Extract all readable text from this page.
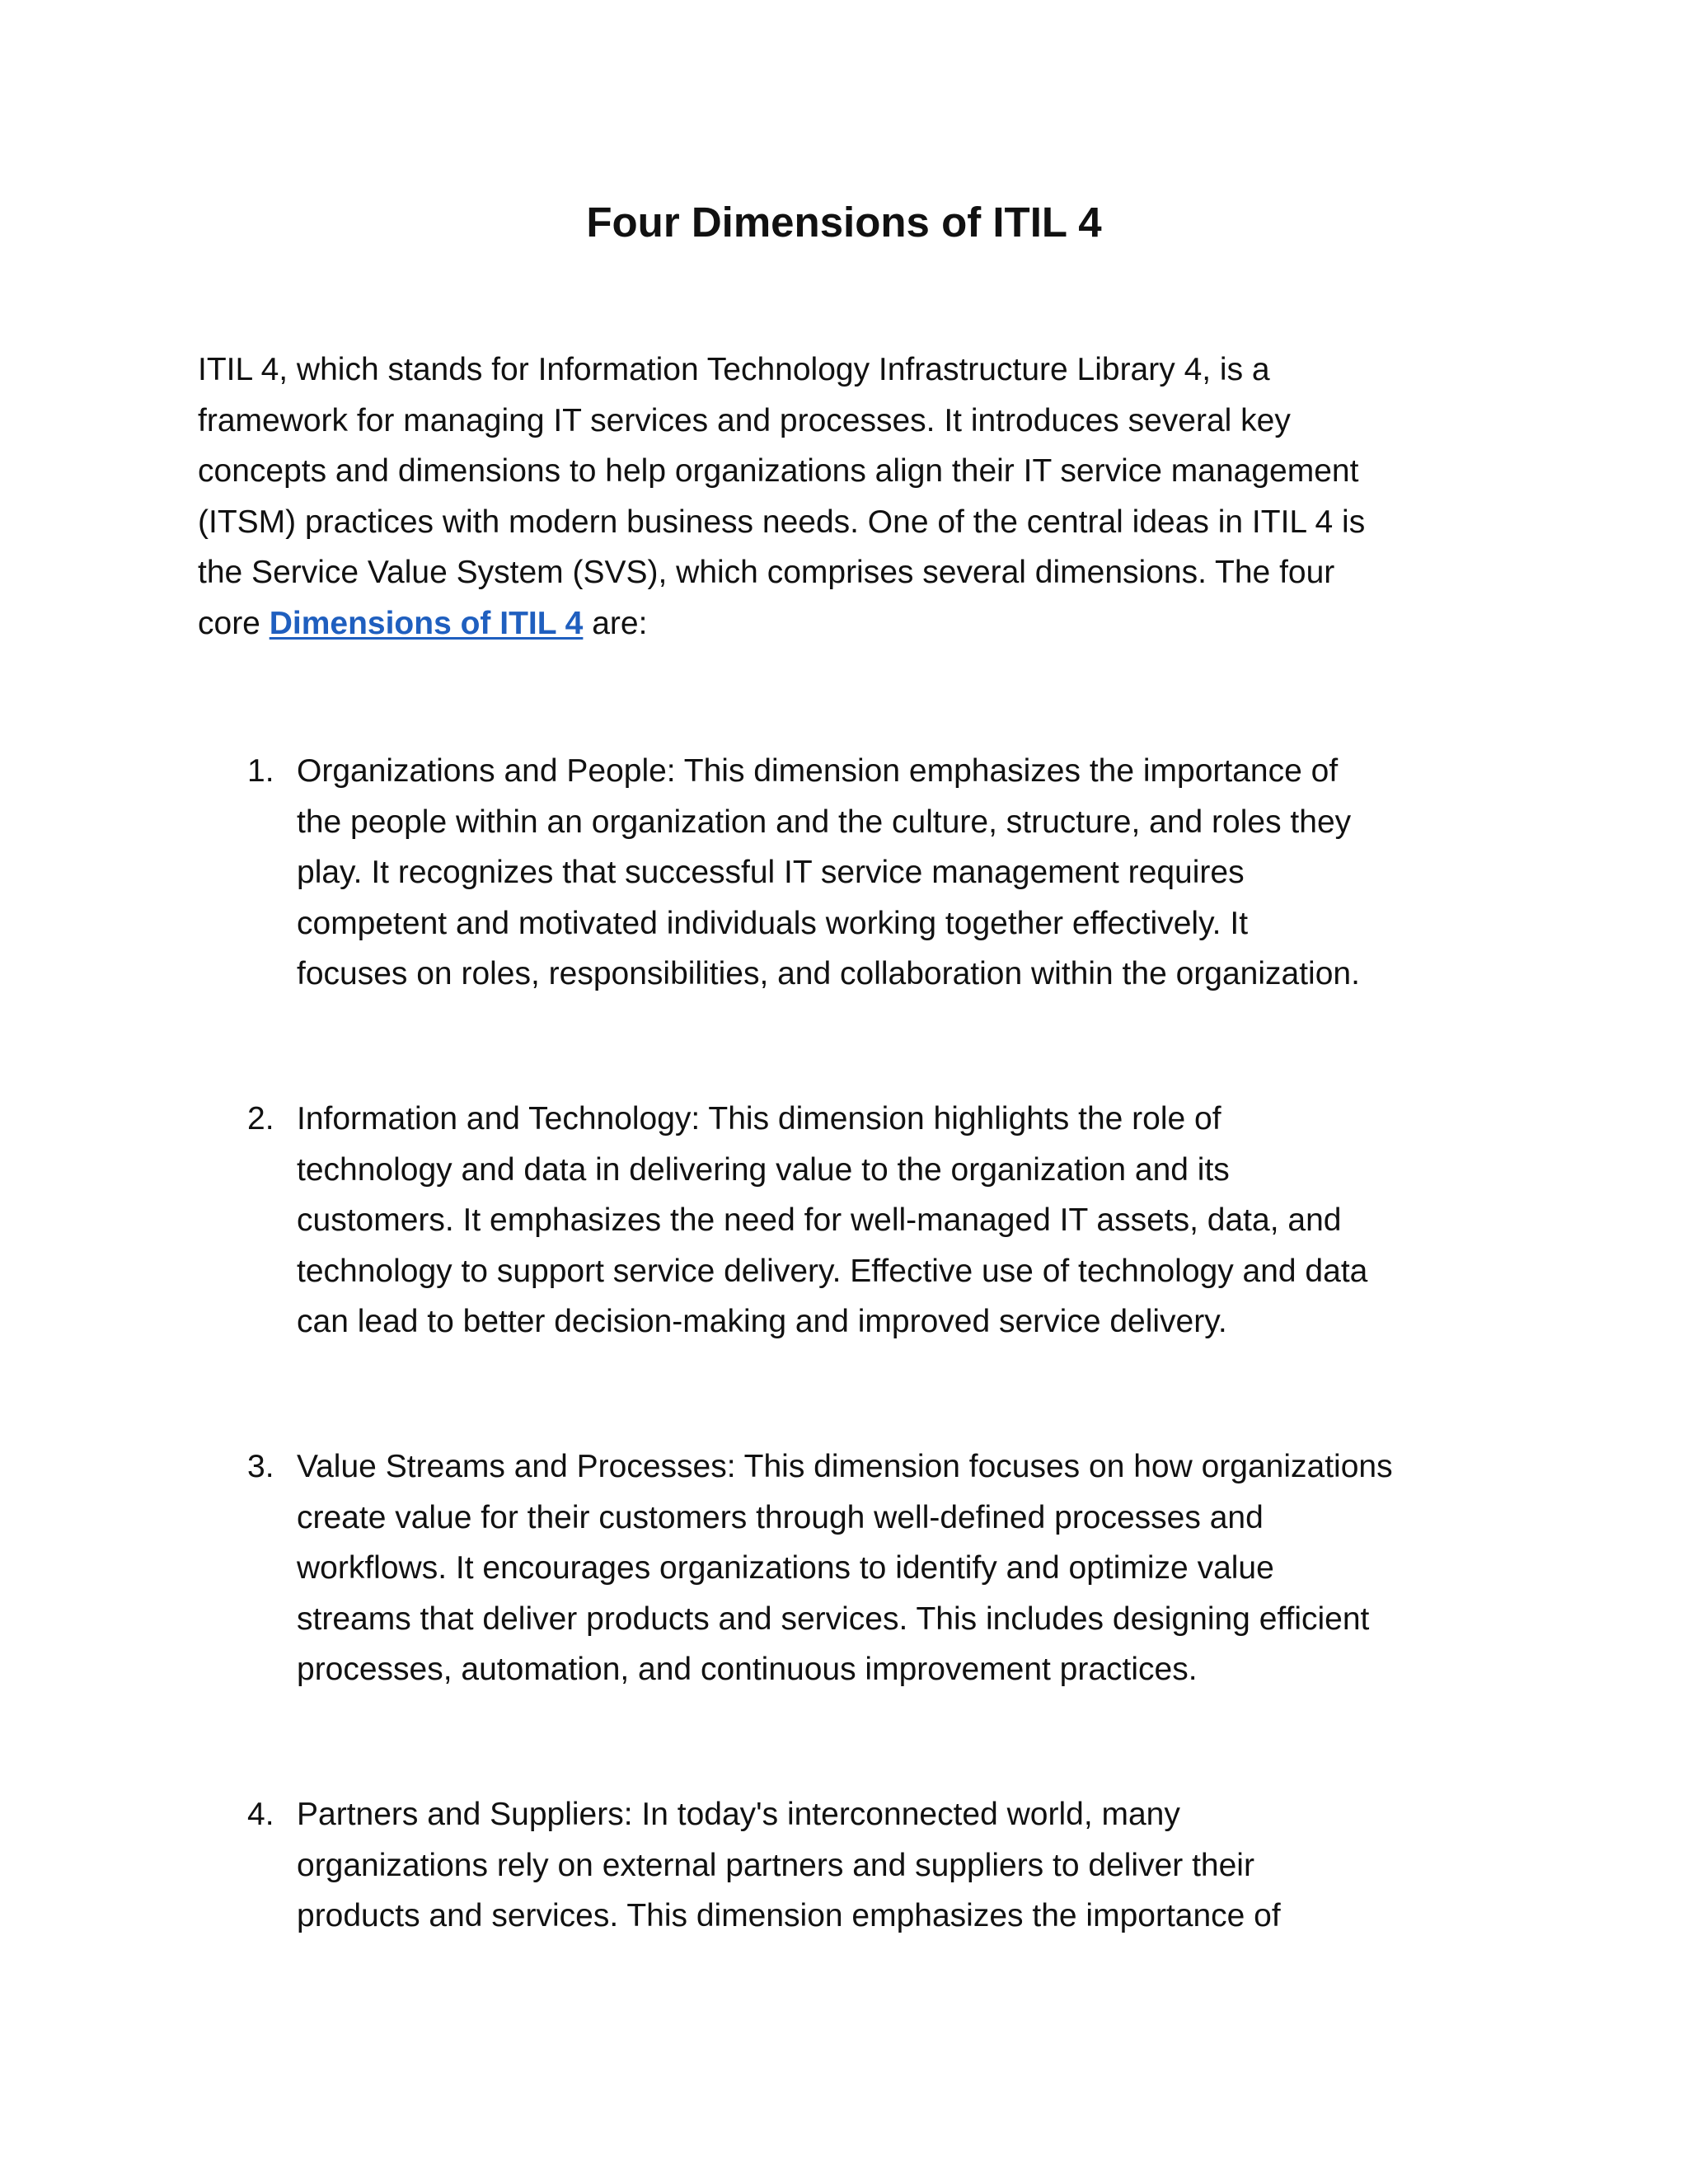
Four Dimensions of ITIL 4

ITIL 4, which stands for Information Technology Infrastructure Library 4, is a
framework for managing IT services and processes. It introduces several key
concepts and dimensions to help organizations align their IT service management
(ITSM) practices with modern business needs. One of the central ideas in ITIL 4 is
the Service Value System (SVS), which comprises several dimensions. The four
core Dimensions of ITIL 4 are:

1. Organizations and People: This dimension emphasizes the importance of
the people within an organization and the culture, structure, and roles they
play. It recognizes that successful IT service management requires
competent and motivated individuals working together effectively. It
focuses on roles, responsibilities, and collaboration within the organization.
2. Information and Technology: This dimension highlights the role of
technology and data in delivering value to the organization and its
customers. It emphasizes the need for well-managed IT assets, data, and
technology to support service delivery. Effective use of technology and data
can lead to better decision-making and improved service delivery.
3. Value Streams and Processes: This dimension focuses on how organizations
create value for their customers through well-defined processes and
workflows. It encourages organizations to identify and optimize value
streams that deliver products and services. This includes designing efficient
processes, automation, and continuous improvement practices.
4. Partners and Suppliers: In today's interconnected world, many
organizations rely on external partners and suppliers to deliver their
products and services. This dimension emphasizes the importance of
